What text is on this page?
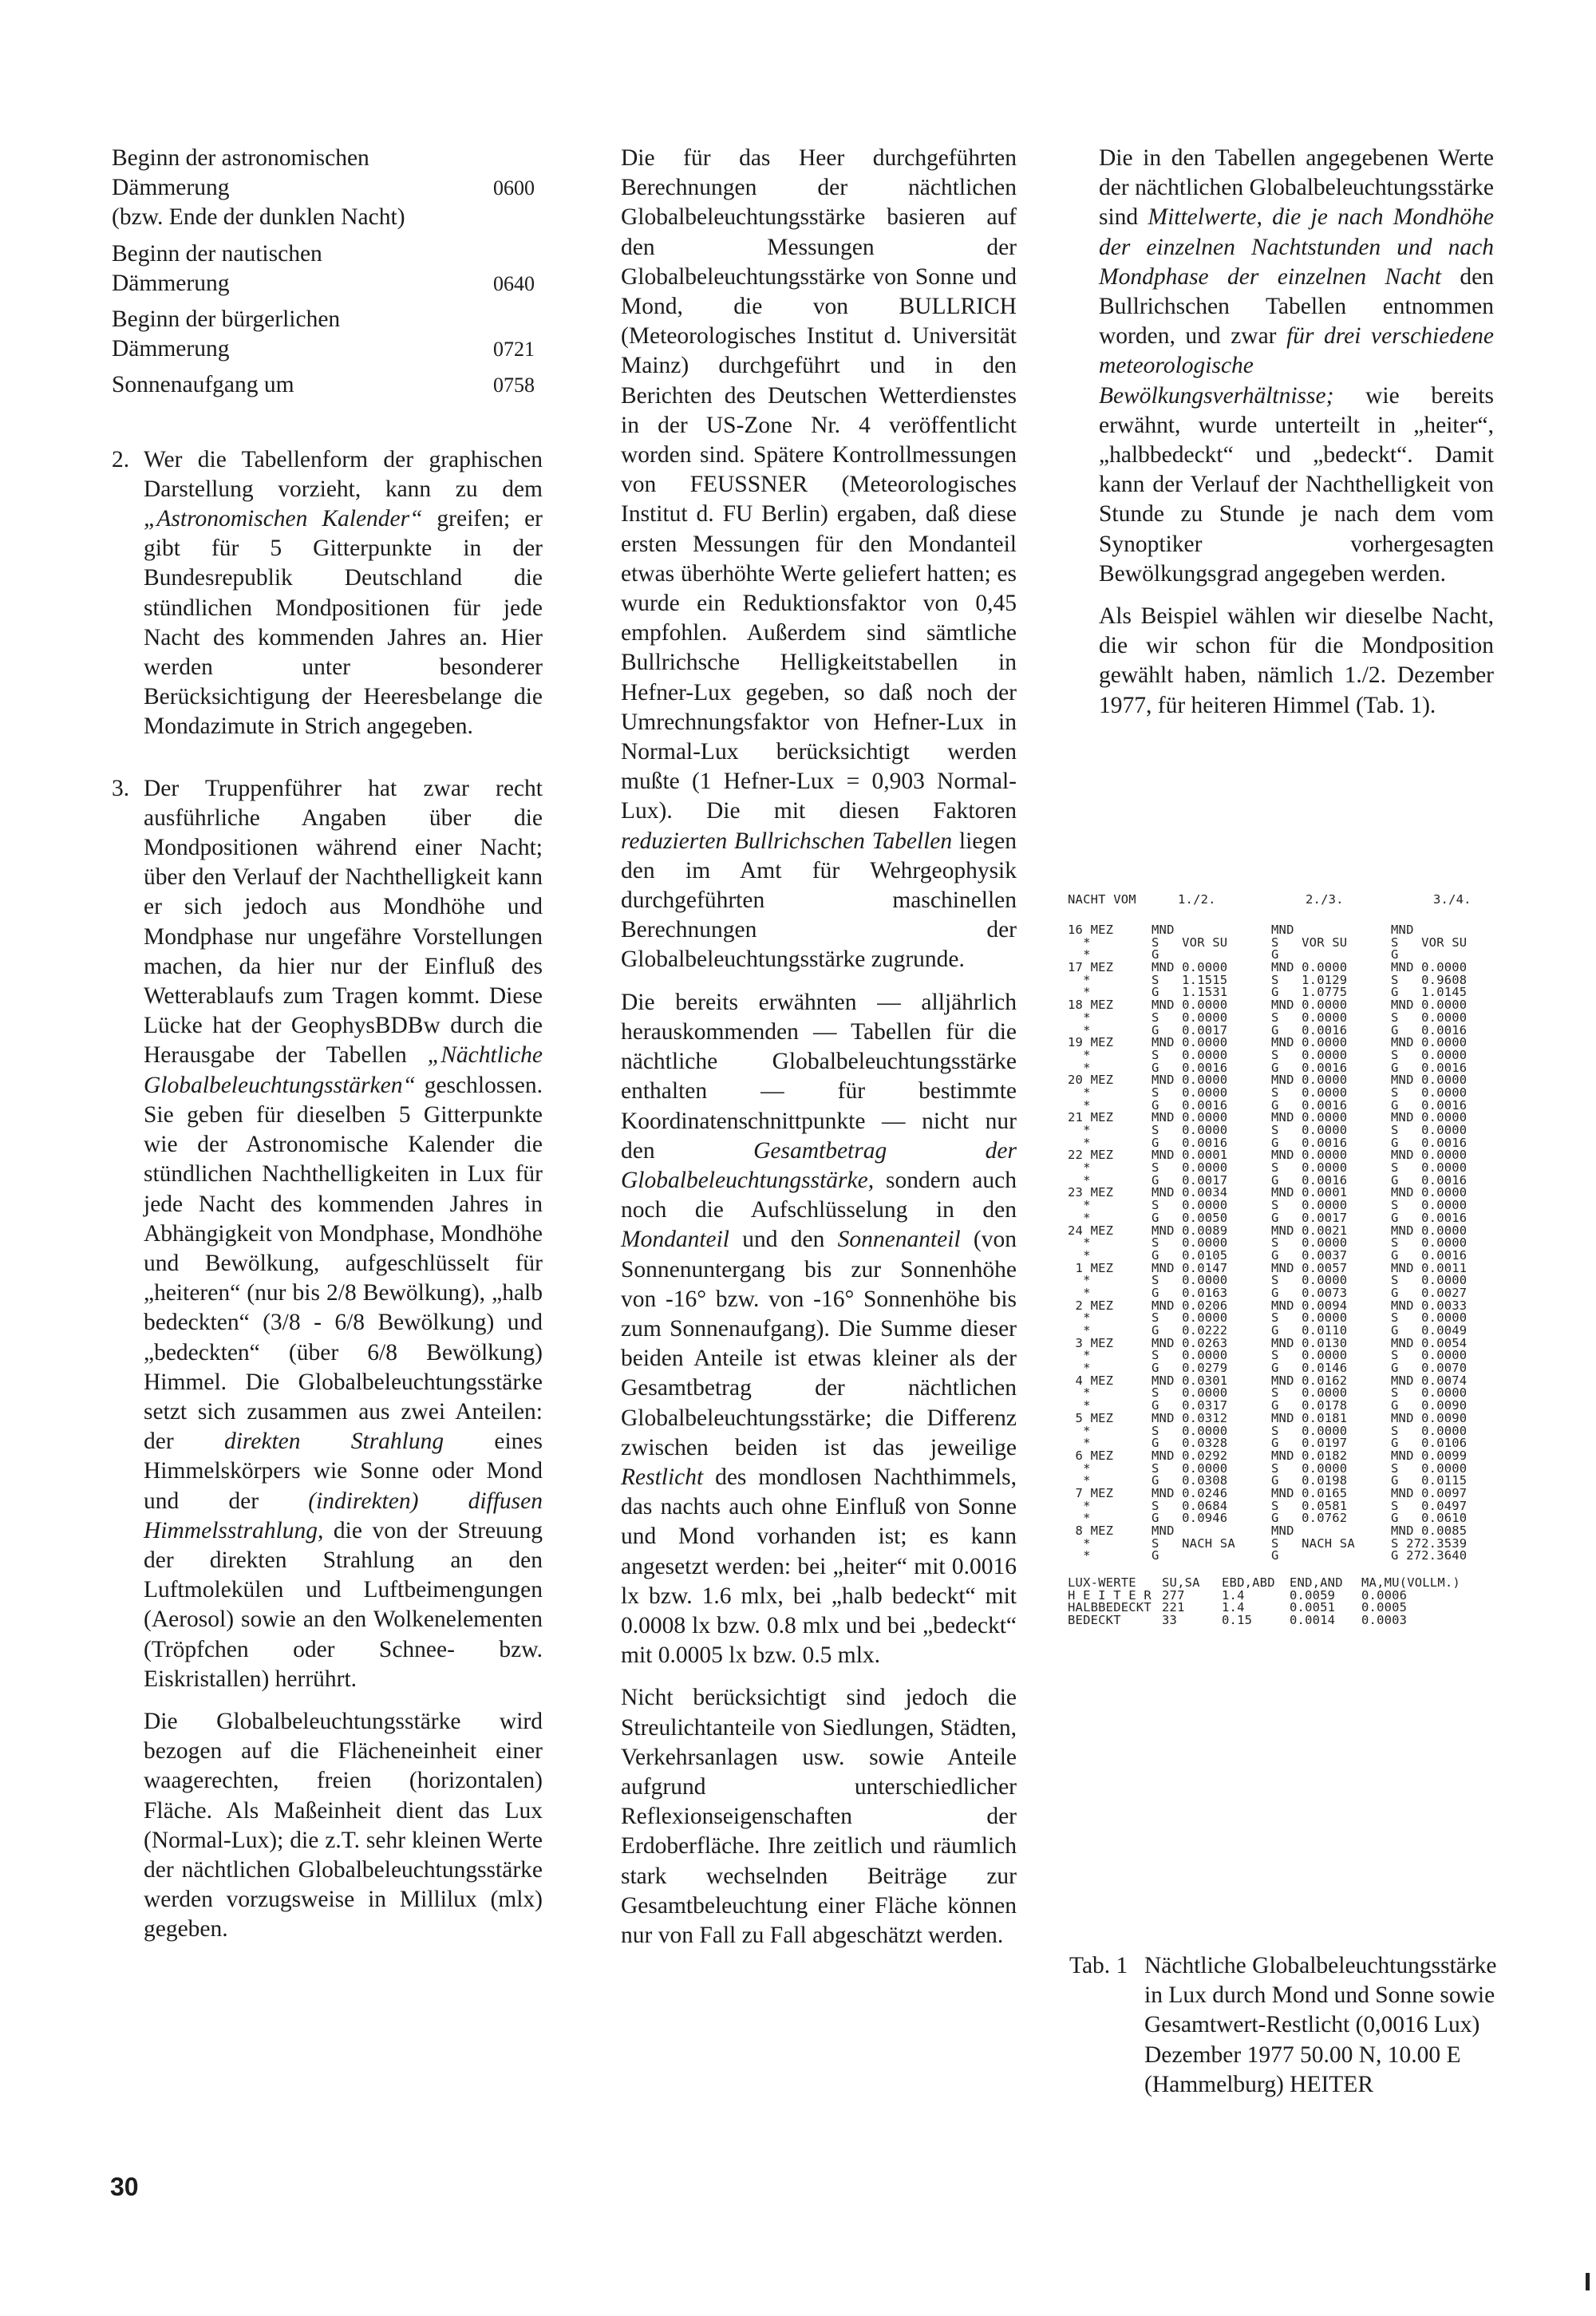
Beginn der astronomischen
Dämmerung	0600
(bzw. Ende der dunklen Nacht)
Beginn der nautischen
Dämmerung	0640
Beginn der bürgerlichen
Dämmerung	0721
Sonnenaufgang um	0758
2. Wer die Tabellenform der graphischen Darstellung vorzieht, kann zu dem „Astronomischen Kalender“ greifen; er gibt für 5 Gitterpunkte in der Bundesrepublik Deutschland die stündlichen Mondpositionen für jede Nacht des kommenden Jahres an. Hier werden unter besonderer Berücksichtigung der Heeresbelange die Mondazimute in Strich angegeben.

3. Der Truppenführer hat zwar recht ausführliche Angaben über die Mondpositionen während einer Nacht; über den Verlauf der Nachthelligkeit kann er sich jedoch aus Mondhöhe und Mondphase nur ungefähre Vorstellungen machen, da hier nur der Einfluß des Wetterablaufs zum Tragen kommt. Diese Lücke hat der GeophysBDBw durch die Herausgabe der Tabellen „Nächtliche Globalbeleuchtungsstärken“ geschlossen. Sie geben für dieselben 5 Gitterpunkte wie der Astronomische Kalender die stündlichen Nachthelligkeiten in Lux für jede Nacht des kommenden Jahres in Abhängigkeit von Mondphase, Mondhöhe und Bewölkung, aufgeschlüsselt für „heiteren“ (nur bis 2/8 Bewölkung), „halb bedeckten“ (3/8 - 6/8 Bewölkung) und „bedeckten“ (über 6/8 Bewölkung) Himmel. Die Globalbeleuchtungsstärke setzt sich zusammen aus zwei Anteilen: der direkten Strahlung eines Himmelskörpers wie Sonne oder Mond und der (indirekten) diffusen Himmelsstrahlung, die von der Streuung der direkten Strahlung an den Luftmolekülen und Luftbeimengungen (Aerosol) sowie an den Wolkenelementen (Tröpfchen oder Schnee- bzw. Eiskristallen) herrührt.

Die Globalbeleuchtungsstärke wird bezogen auf die Flächeneinheit einer waagerechten, freien (horizontalen) Fläche. Als Maßeinheit dient das Lux (Normal-Lux); die z.T. sehr kleinen Werte der nächtlichen Globalbeleuchtungsstärke werden vorzugsweise in Millilux (mlx) gegeben.

Die für das Heer durchgeführten Berechnungen der nächtlichen Globalbeleuchtungsstärke basieren auf den Messungen der Globalbeleuchtungsstärke von Sonne und Mond, die von BULLRICH (Meteorologisches Institut d. Universität Mainz) durchgeführt und in den Berichten des Deutschen Wetterdienstes in der US-Zone Nr. 4 veröffentlicht worden sind. Spätere Kontrollmessungen von FEUSSNER (Meteorologisches Institut d. FU Berlin) ergaben, daß diese ersten Messungen für den Mondanteil etwas überhöhte Werte geliefert hatten; es wurde ein Reduktionsfaktor von 0,45 empfohlen. Außerdem sind sämtliche Bullrichsche Helligkeitstabellen in Hefner-Lux gegeben, so daß noch der Umrechnungsfaktor von Hefner-Lux in Normal-Lux berücksichtigt werden mußte (1 Hefner-Lux = 0,903 Normal-Lux). Die mit diesen Faktoren reduzierten Bullrichschen Tabellen liegen den im Amt für Wehrgeophysik durchgeführten maschinellen Berechnungen der Globalbeleuchtungsstärke zugrunde.

Die bereits erwähnten — alljährlich herauskommenden — Tabellen für die nächtliche Globalbeleuchtungsstärke enthalten — für bestimmte Koordinatenschnittpunkte — nicht nur den Gesamtbetrag der Globalbeleuchtungsstärke, sondern auch noch die Aufschlüsselung in den Mondanteil und den Sonnenanteil (von Sonnenuntergang bis zur Sonnenhöhe von -16° bzw. von -16° Sonnenhöhe bis zum Sonnenaufgang). Die Summe dieser beiden Anteile ist etwas kleiner als der Gesamtbetrag der nächtlichen Globalbeleuchtungsstärke; die Differenz zwischen beiden ist das jeweilige Restlicht des mondlosen Nachthimmels, das nachts auch ohne Einfluß von Sonne und Mond vorhanden ist; es kann angesetzt werden: bei „heiter“ mit 0.0016 lx bzw. 1.6 mlx, bei „halb bedeckt“ mit 0.0008 lx bzw. 0.8 mlx und bei „bedeckt“ mit 0.0005 lx bzw. 0.5 mlx.

Nicht berücksichtigt sind jedoch die Streulichtanteile von Siedlungen, Städten, Verkehrsanlagen usw. sowie Anteile aufgrund unterschiedlicher Reflexionseigenschaften der Erdoberfläche. Ihre zeitlich und räumlich stark wechselnden Beiträge zur Gesamtbeleuchtung einer Fläche können nur von Fall zu Fall abgeschätzt werden.

Die in den Tabellen angegebenen Werte der nächtlichen Globalbeleuchtungsstärke sind Mittelwerte, die je nach Mondhöhe der einzelnen Nachtstunden und nach Mondphase der einzelnen Nacht den Bullrichschen Tabellen entnommen worden, und zwar für drei verschiedene meteorologische Bewölkungsverhältnisse; wie bereits erwähnt, wurde unterteilt in „heiter“, „halbbedeckt“ und „bedeckt“. Damit kann der Verlauf der Nachthelligkeit von Stunde zu Stunde je nach dem vom Synoptiker vorhergesagten Bewölkungsgrad angegeben werden.

Als Beispiel wählen wir dieselbe Nacht, die wir schon für die Mondposition gewählt haben, nämlich 1./2. Dezember 1977, für heiteren Himmel (Tab. 1).

NACHT VOM	1./2.	2./3.	3./4.
16 MEZ	MND	MND	MND
*	S   VOR SU	S   VOR SU	S   VOR SU
*	G	G	G
17 MEZ	MND 0.0000	MND 0.0000	MND 0.0000
*	S   1.1515	S   1.0129	S   0.9608
*	G   1.1531	G   1.0775	G   1.0145
18 MEZ	MND 0.0000	MND 0.0000	MND 0.0000
*	S   0.0000	S   0.0000	S   0.0000
*	G   0.0017	G   0.0016	G   0.0016
19 MEZ	MND 0.0000	MND 0.0000	MND 0.0000
*	S   0.0000	S   0.0000	S   0.0000
*	G   0.0016	G   0.0016	G   0.0016
20 MEZ	MND 0.0000	MND 0.0000	MND 0.0000
*	S   0.0000	S   0.0000	S   0.0000
*	G   0.0016	G   0.0016	G   0.0016
21 MEZ	MND 0.0000	MND 0.0000	MND 0.0000
*	S   0.0000	S   0.0000	S   0.0000
*	G   0.0016	G   0.0016	G   0.0016
22 MEZ	MND 0.0001	MND 0.0000	MND 0.0000
*	S   0.0000	S   0.0000	S   0.0000
*	G   0.0017	G   0.0016	G   0.0016
23 MEZ	MND 0.0034	MND 0.0001	MND 0.0000
*	S   0.0000	S   0.0000	S   0.0000
*	G   0.0050	G   0.0017	G   0.0016
24 MEZ	MND 0.0089	MND 0.0021	MND 0.0000
*	S   0.0000	S   0.0000	S   0.0000
*	G   0.0105	G   0.0037	G   0.0016
1 MEZ	MND 0.0147	MND 0.0057	MND 0.0011
*	S   0.0000	S   0.0000	S   0.0000
*	G   0.0163	G   0.0073	G   0.0027
2 MEZ	MND 0.0206	MND 0.0094	MND 0.0033
*	S   0.0000	S   0.0000	S   0.0000
*	G   0.0222	G   0.0110	G   0.0049
3 MEZ	MND 0.0263	MND 0.0130	MND 0.0054
*	S   0.0000	S   0.0000	S   0.0000
*	G   0.0279	G   0.0146	G   0.0070
4 MEZ	MND 0.0301	MND 0.0162	MND 0.0074
*	S   0.0000	S   0.0000	S   0.0000
*	G   0.0317	G   0.0178	G   0.0090
5 MEZ	MND 0.0312	MND 0.0181	MND 0.0090
*	S   0.0000	S   0.0000	S   0.0000
*	G   0.0328	G   0.0197	G   0.0106
6 MEZ	MND 0.0292	MND 0.0182	MND 0.0099
*	S   0.0000	S   0.0000	S   0.0000
*	G   0.0308	G   0.0198	G   0.0115
7 MEZ	MND 0.0246	MND 0.0165	MND 0.0097
*	S   0.0684	S   0.0581	S   0.0497
*	G   0.0946	G   0.0762	G   0.0610
8 MEZ	MND	MND	MND 0.0085
*	S   NACH SA	S   NACH SA	S 272.3539
*	G	G	G 272.3640
LUX-WERTE	SU,SA	EBD,ABD	END,AND	MA,MU(VOLLM.)
H E I T E R 277	1.4	0.0059	0.0006
HALBBEDECKT 221	1.4	0.0051	0.0005
BEDECKT	33	0.15	0.0014	0.0003
Tab. 1 Nächtliche Globalbeleuchtungsstärke in Lux durch Mond und Sonne sowie Gesamtwert-Restlicht (0,0016 Lux)
Dezember 1977 50.00 N, 10.00 E (Hammelburg) HEITER
30
